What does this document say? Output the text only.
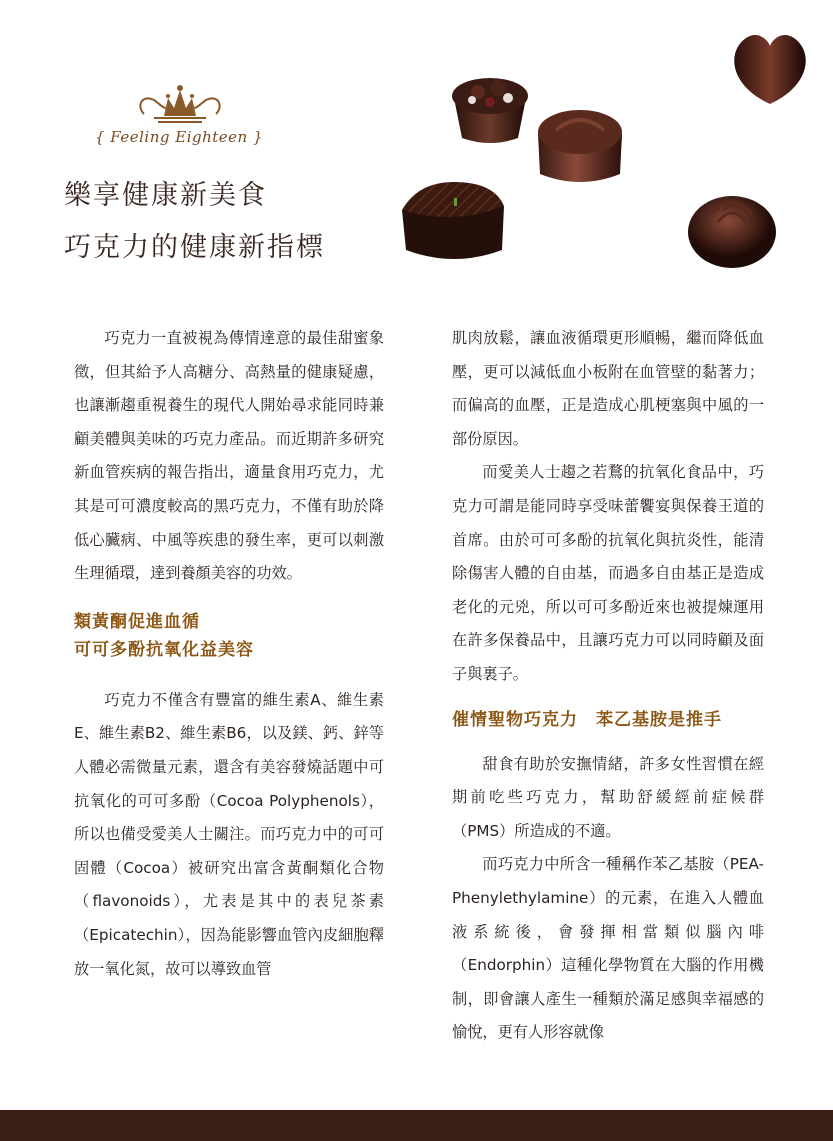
{ Feeling Eighteen }
樂享健康新美食
巧克力的健康新指標

巧克力一直被視為傳情達意的最佳甜蜜象徵，但其給予人高糖分、高熱量的健康疑慮，也讓漸趨重視養生的現代人開始尋求能同時兼顧美體與美味的巧克力產品。而近期許多研究新血管疾病的報告指出，適量食用巧克力，尤其是可可濃度較高的黑巧克力，不僅有助於降低心臟病、中風等疾患的發生率，更可以刺激生理循環，達到養顏美容的功效。

類黃酮促進血循
可可多酚抗氧化益美容

巧克力不僅含有豐富的維生素A、維生素E、維生素B2、維生素B6，以及鎂、鈣、鋅等人體必需微量元素，還含有美容發燒話題中可抗氧化的可可多酚（Cocoa Polyphenols），所以也備受愛美人士關注。而巧克力中的可可固體（Cocoa）被研究出富含黃酮類化合物（flavonoids），尤表是其中的表兒茶素（Epicatechin），因為能影響血管內皮細胞釋放一氧化氮，故可以導致血管

肌肉放鬆，讓血液循環更形順暢，繼而降低血壓，更可以減低血小板附在血管壁的黏著力；而偏高的血壓，正是造成心肌梗塞與中風的一部份原因。

而愛美人士趨之若鶩的抗氧化食品中，巧克力可謂是能同時享受味蕾饗宴與保養王道的首席。由於可可多酚的抗氧化與抗炎性，能清除傷害人體的自由基，而過多自由基正是造成老化的元兇，所以可可多酚近來也被提煉運用在許多保養品中，且讓巧克力可以同時顧及面子與裏子。

催情聖物巧克力　苯乙基胺是推手

甜食有助於安撫情緒，許多女性習慣在經期前吃些巧克力，幫助舒緩經前症候群（PMS）所造成的不適。

而巧克力中所含一種稱作苯乙基胺（PEA-Phenylethylamine）的元素，在進入人體血液系統後，會發揮相當類似腦內啡（Endorphin）這種化學物質在大腦的作用機制，即會讓人產生一種類於滿足感與幸福感的愉悅，更有人形容就像
